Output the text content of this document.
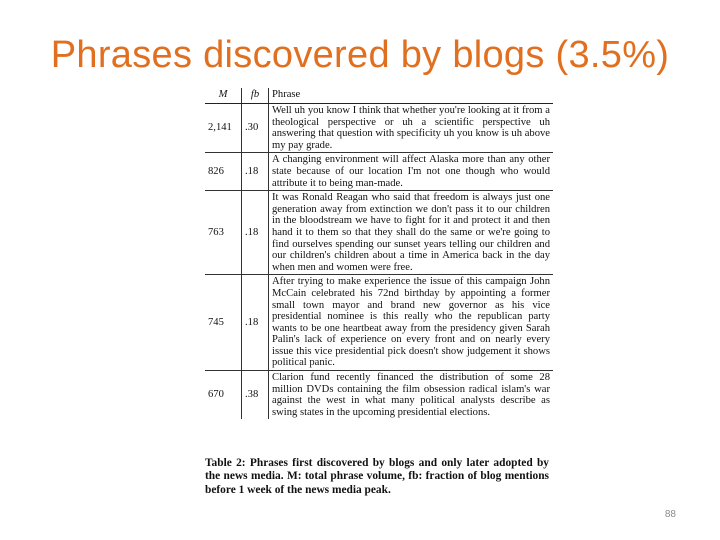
Phrases discovered by blogs (3.5%)
M	fb	Phrase
2,141	.30	Well uh you know I think that whether you're looking at it from a theological perspective or uh a scientific perspective uh answering that question with specificity uh you know is uh above my pay grade.
826	.18	A changing environment will affect Alaska more than any other state because of our location I'm not one though who would attribute it to being man-made.
763	.18	It was Ronald Reagan who said that freedom is always just one generation away from extinction we don't pass it to our children in the bloodstream we have to fight for it and protect it and then hand it to them so that they shall do the same or we're going to find ourselves spending our sunset years telling our children and our children's children about a time in America back in the day when men and women were free.
745	.18	After trying to make experience the issue of this campaign John McCain celebrated his 72nd birthday by appointing a former small town mayor and brand new governor as his vice presidential nominee is this really who the republican party wants to be one heartbeat away from the presidency given Sarah Palin's lack of experience on every front and on nearly every issue this vice presidential pick doesn't show judgement it shows political panic.
670	.38	Clarion fund recently financed the distribution of some 28 million DVDs containing the film obsession radical islam's war against the west in what many political analysts describe as swing states in the upcoming presidential elections.
Table 2: Phrases first discovered by blogs and only later adopted by the news media. M: total phrase volume, fb: fraction of blog mentions before 1 week of the news media peak.
88
